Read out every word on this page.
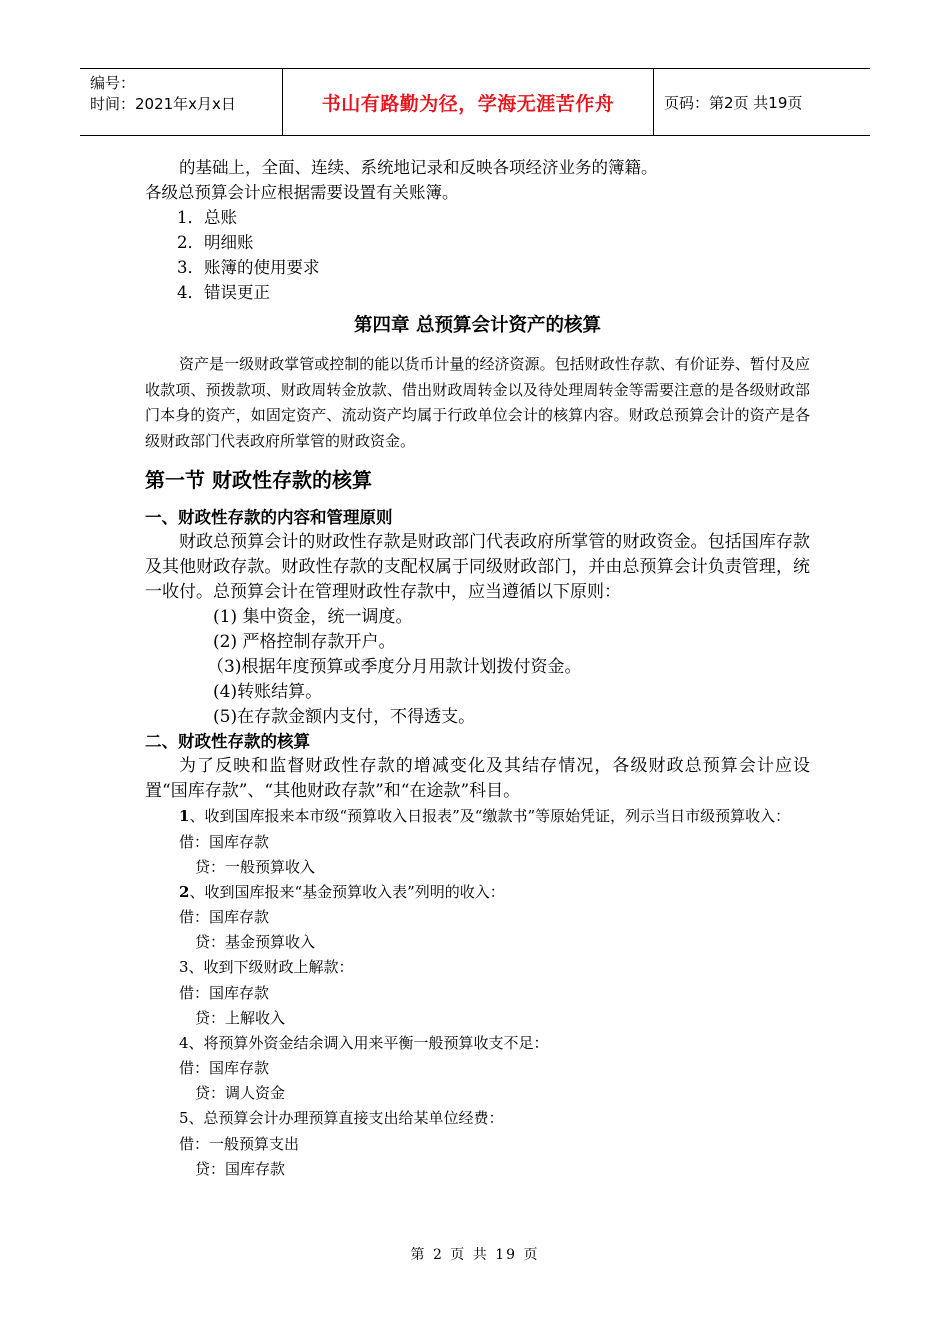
编号：
时间：2021年x月x日	书山有路勤为径，学海无涯苦作舟	页码：第2页 共19页

的基础上，全面、连续、系统地记录和反映各项经济业务的簿籍。

各级总预算会计应根据需要设置有关账簿。

1．总账

2．明细账

3．账簿的使用要求

4．错误更正

第四章 总预算会计资产的核算

资产是一级财政掌管或控制的能以货币计量的经济资源。包括财政性存款、有价证券、暂付及应收款项、预拨款项、财政周转金放款、借出财政周转金以及待处理周转金等需要注意的是各级财政部门本身的资产，如固定资产、流动资产均属于行政单位会计的核算内容。财政总预算会计的资产是各级财政部门代表政府所掌管的财政资金。

第一节 财政性存款的核算

一、财政性存款的内容和管理原则

财政总预算会计的财政性存款是财政部门代表政府所掌管的财政资金。包括国库存款及其他财政存款。财政性存款的支配权属于同级财政部门，并由总预算会计负责管理，统一收付。总预算会计在管理财政性存款中，应当遵循以下原则：

(1) 集中资金，统一调度。

(2) 严格控制存款开户。

（3)根据年度预算或季度分月用款计划拨付资金。

(4)转账结算。

(5)在存款金额内支付，不得透支。

二、财政性存款的核算

为了反映和监督财政性存款的增减变化及其结存情况，各级财政总预算会计应设置“国库存款”、“其他财政存款”和“在途款”科目。

1、收到国库报来本市级“预算收入日报表”及“缴款书”等原始凭证，列示当日市级预算收入：

借：国库存款

贷：一般预算收入

2、收到国库报来“基金预算收入表”列明的收入：

借：国库存款

贷：基金预算收入

3、收到下级财政上解款：

借：国库存款

贷：上解收入

4、将预算外资金结余调入用来平衡一般预算收支不足：

借：国库存款

贷：调人资金

5、总预算会计办理预算直接支出给某单位经费：

借：一般预算支出

贷：国库存款

第 2 页 共 19 页
